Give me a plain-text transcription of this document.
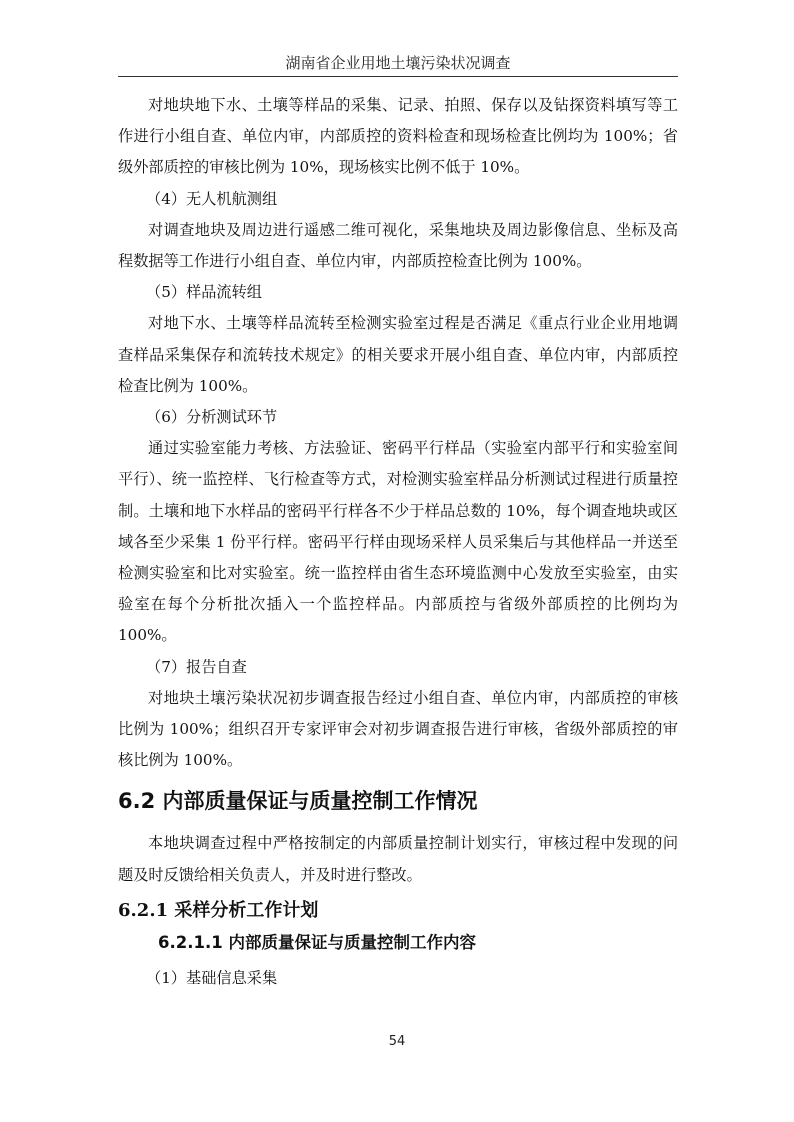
湖南省企业用地土壤污染状况调查

对地块地下水、土壤等样品的采集、记录、拍照、保存以及钻探资料填写等工作进行小组自查、单位内审，内部质控的资料检查和现场检查比例均为 100%；省级外部质控的审核比例为 10%，现场核实比例不低于 10%。

（4）无人机航测组

对调查地块及周边进行遥感二维可视化，采集地块及周边影像信息、坐标及高程数据等工作进行小组自查、单位内审，内部质控检查比例为 100%。

（5）样品流转组

对地下水、土壤等样品流转至检测实验室过程是否满足《重点行业企业用地调查样品采集保存和流转技术规定》的相关要求开展小组自查、单位内审，内部质控检查比例为 100%。

（6）分析测试环节

通过实验室能力考核、方法验证、密码平行样品（实验室内部平行和实验室间平行）、统一监控样、飞行检查等方式，对检测实验室样品分析测试过程进行质量控制。土壤和地下水样品的密码平行样各不少于样品总数的 10%，每个调查地块或区域各至少采集 1 份平行样。密码平行样由现场采样人员采集后与其他样品一并送至检测实验室和比对实验室。统一监控样由省生态环境监测中心发放至实验室，由实验室在每个分析批次插入一个监控样品。内部质控与省级外部质控的比例均为 100%。

（7）报告自查

对地块土壤污染状况初步调查报告经过小组自查、单位内审，内部质控的审核比例为 100%；组织召开专家评审会对初步调查报告进行审核，省级外部质控的审核比例为 100%。

6.2 内部质量保证与质量控制工作情况

本地块调查过程中严格按制定的内部质量控制计划实行，审核过程中发现的问题及时反馈给相关负责人，并及时进行整改。

6.2.1 采样分析工作计划
6.2.1.1 内部质量保证与质量控制工作内容

（1）基础信息采集

54
